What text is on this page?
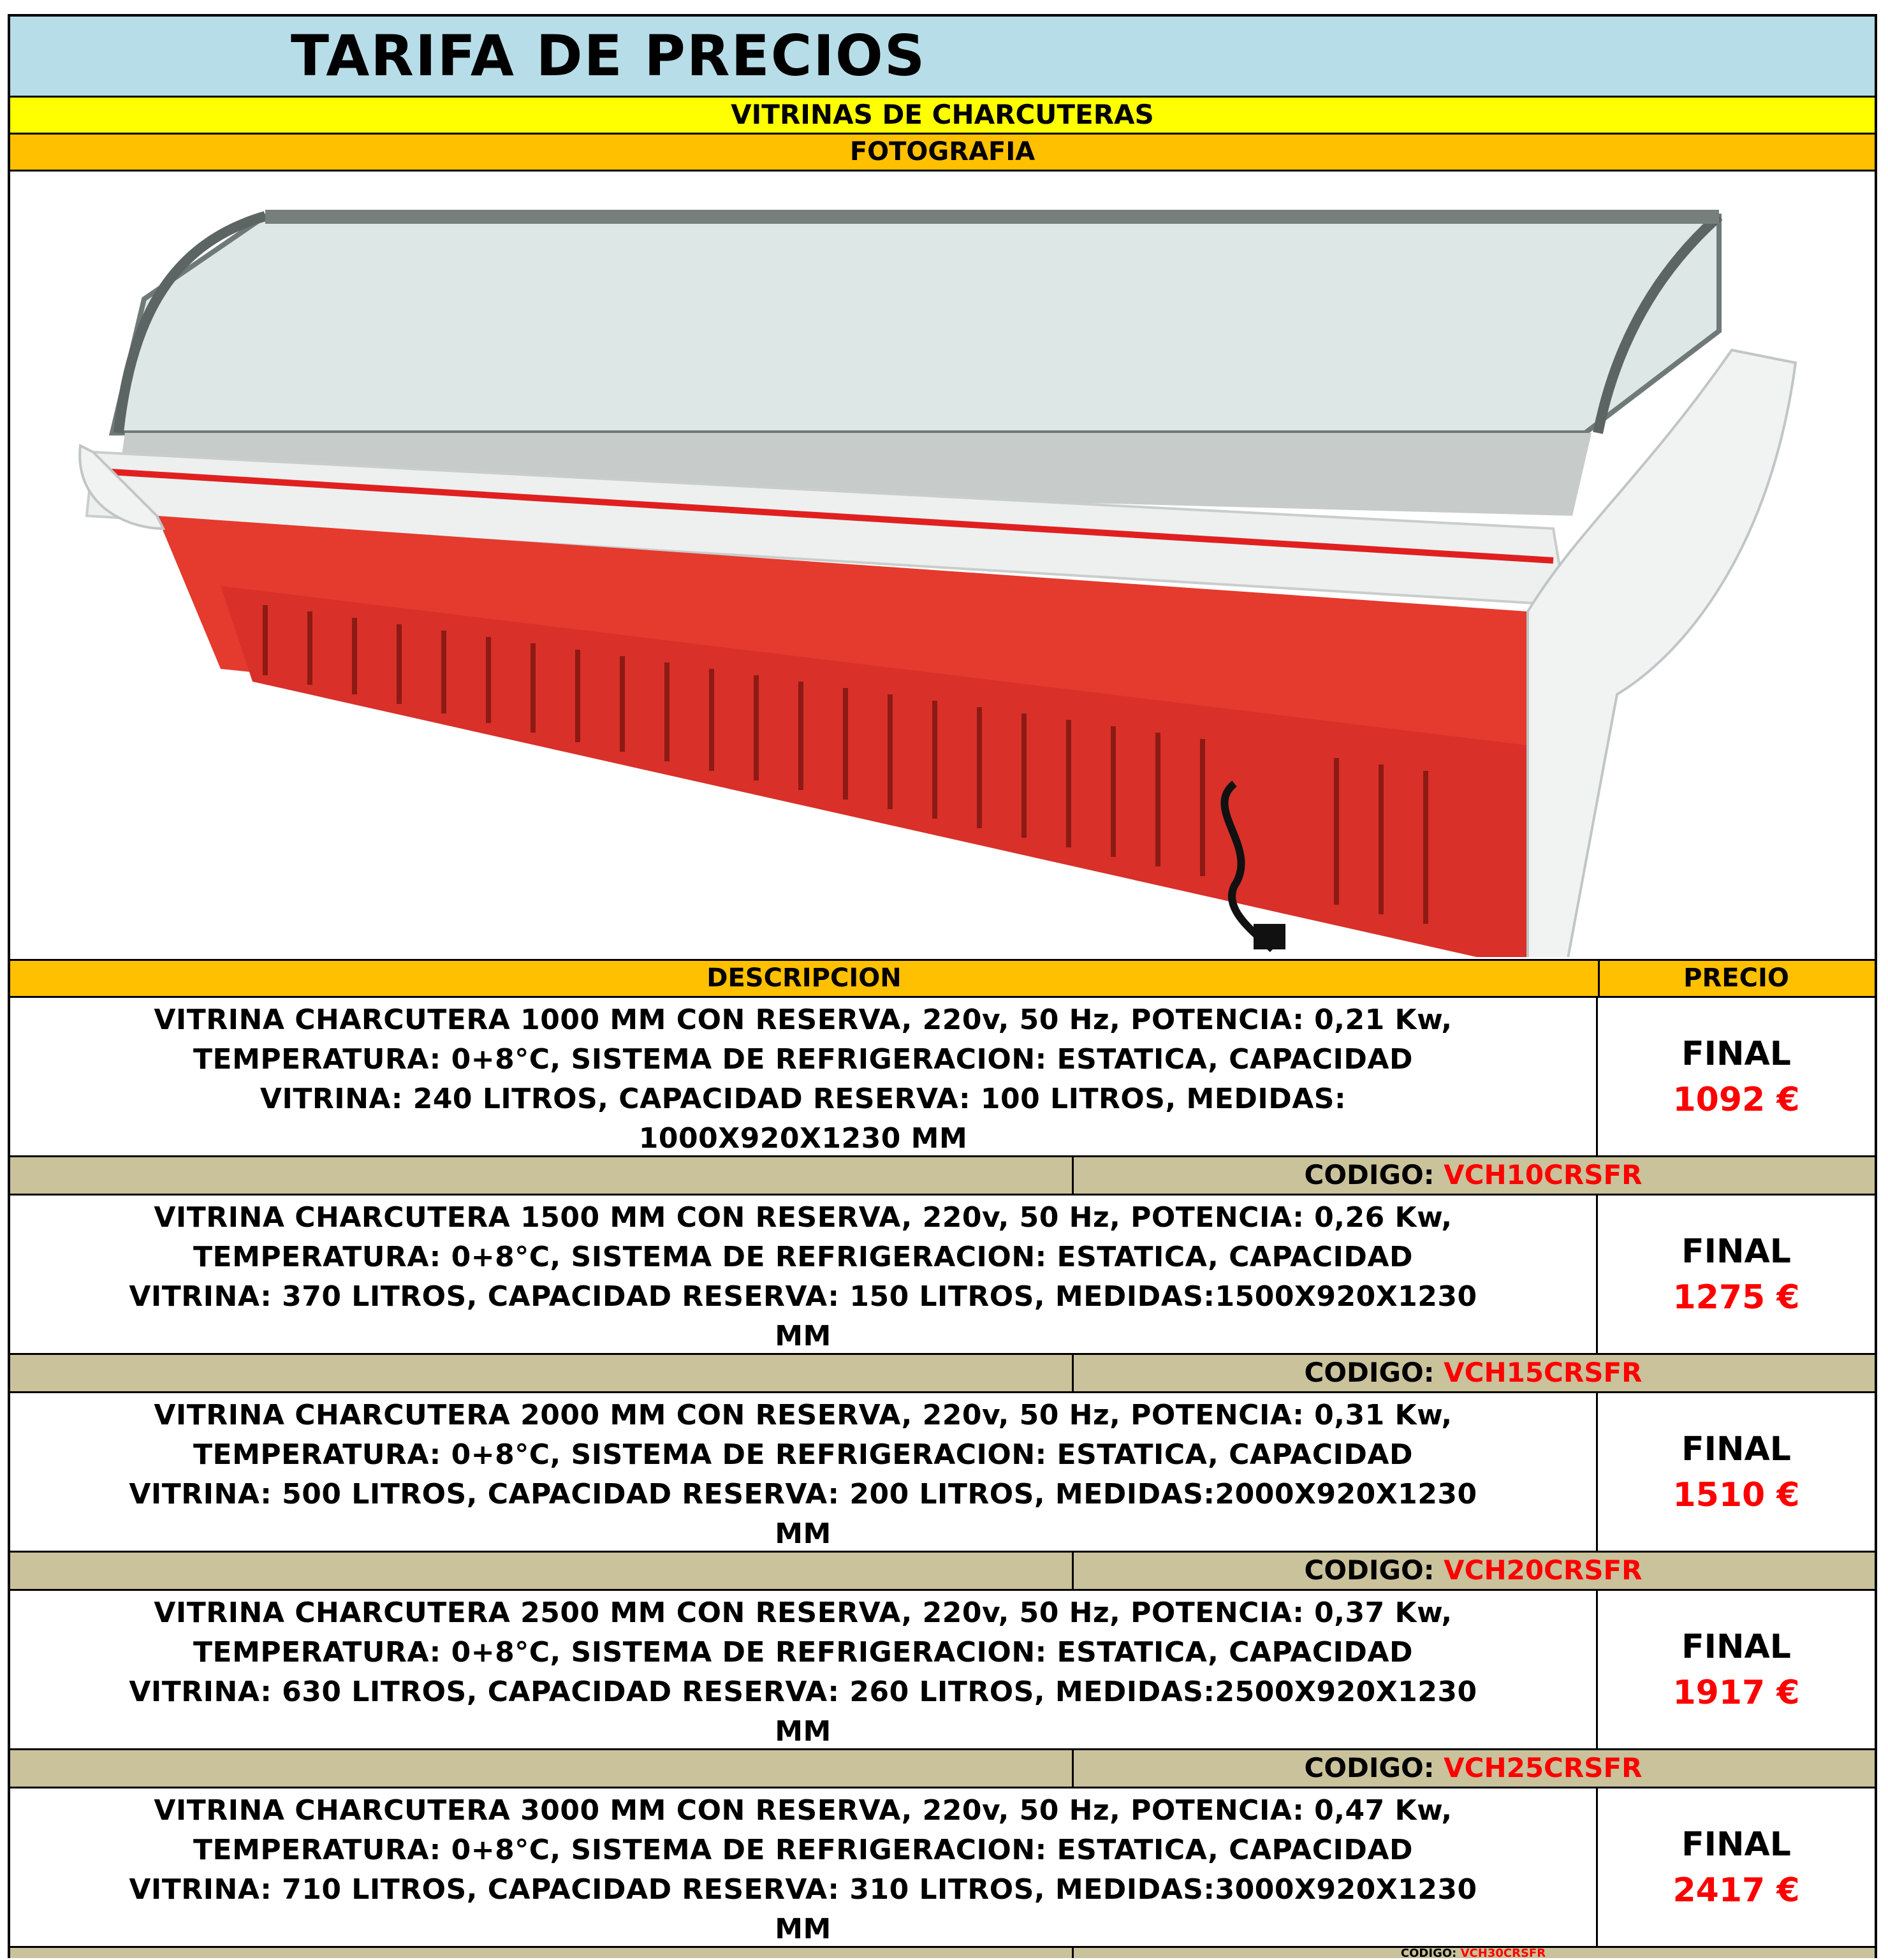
TARIFA DE PRECIOS
VITRINAS DE CHARCUTERAS
FOTOGRAFIA
DESCRIPCION	PRECIO
VITRINA CHARCUTERA 1000 MM CON RESERVA, 220v, 50 Hz, POTENCIA: 0,21 Kw,
TEMPERATURA: 0+8°C, SISTEMA DE REFRIGERACION: ESTATICA, CAPACIDAD
VITRINA: 240 LITROS, CAPACIDAD RESERVA: 100 LITROS, MEDIDAS:
1000X920X1230 MM
FINAL
1092 €
CODIGO: VCH10CRSFR
VITRINA CHARCUTERA 1500 MM CON RESERVA, 220v, 50 Hz, POTENCIA: 0,26 Kw,
TEMPERATURA: 0+8°C, SISTEMA DE REFRIGERACION: ESTATICA, CAPACIDAD
VITRINA: 370 LITROS, CAPACIDAD RESERVA: 150 LITROS, MEDIDAS:1500X920X1230
MM
FINAL
1275 €
CODIGO: VCH15CRSFR
VITRINA CHARCUTERA 2000 MM CON RESERVA, 220v, 50 Hz, POTENCIA: 0,31 Kw,
TEMPERATURA: 0+8°C, SISTEMA DE REFRIGERACION: ESTATICA, CAPACIDAD
VITRINA: 500 LITROS, CAPACIDAD RESERVA: 200 LITROS, MEDIDAS:2000X920X1230
MM
FINAL
1510 €
CODIGO: VCH20CRSFR
VITRINA CHARCUTERA 2500 MM CON RESERVA, 220v, 50 Hz, POTENCIA: 0,37 Kw,
TEMPERATURA: 0+8°C, SISTEMA DE REFRIGERACION: ESTATICA, CAPACIDAD
VITRINA: 630 LITROS, CAPACIDAD RESERVA: 260 LITROS, MEDIDAS:2500X920X1230
MM
FINAL
1917 €
CODIGO: VCH25CRSFR
VITRINA CHARCUTERA 3000 MM CON RESERVA, 220v, 50 Hz, POTENCIA: 0,47 Kw,
TEMPERATURA: 0+8°C, SISTEMA DE REFRIGERACION: ESTATICA, CAPACIDAD
VITRINA: 710 LITROS, CAPACIDAD RESERVA: 310 LITROS, MEDIDAS:3000X920X1230
MM
FINAL
2417 €
CODIGO: VCH30CRSFR
